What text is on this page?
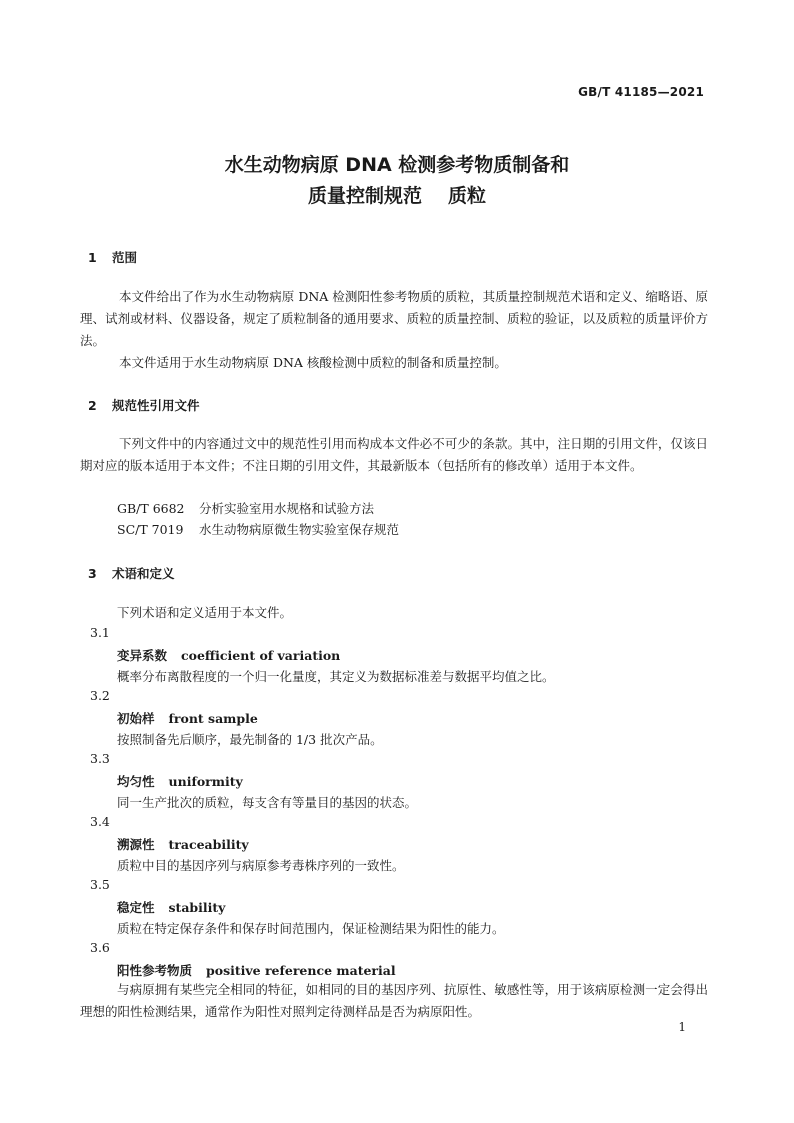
GB/T 41185—2021
水生动物病原 DNA 检测参考物质制备和
质量控制规范 质粒
1 范围
本文件给出了作为水生动物病原 DNA 检测阳性参考物质的质粒，其质量控制规范术语和定义、缩略语、原理、试剂或材料、仪器设备，规定了质粒制备的通用要求、质粒的质量控制、质粒的验证，以及质粒的质量评价方法。
本文件适用于水生动物病原 DNA 核酸检测中质粒的制备和质量控制。
2 规范性引用文件
下列文件中的内容通过文中的规范性引用而构成本文件必不可少的条款。其中，注日期的引用文件，仅该日期对应的版本适用于本文件；不注日期的引用文件，其最新版本（包括所有的修改单）适用于本文件。
GB/T 6682 分析实验室用水规格和试验方法
SC/T 7019 水生动物病原微生物实验室保存规范
3 术语和定义
下列术语和定义适用于本文件。
3.1
变异系数 coefficient of variation
概率分布离散程度的一个归一化量度，其定义为数据标准差与数据平均值之比。
3.2
初始样 front sample
按照制备先后顺序，最先制备的 1/3 批次产品。
3.3
均匀性 uniformity
同一生产批次的质粒，每支含有等量目的基因的状态。
3.4
溯源性 traceability
质粒中目的基因序列与病原参考毒株序列的一致性。
3.5
稳定性 stability
质粒在特定保存条件和保存时间范围内，保证检测结果为阳性的能力。
3.6
阳性参考物质 positive reference material
与病原拥有某些完全相同的特征，如相同的目的基因序列、抗原性、敏感性等，用于该病原检测一定会得出理想的阳性检测结果，通常作为阳性对照判定待测样品是否为病原阳性。
1
